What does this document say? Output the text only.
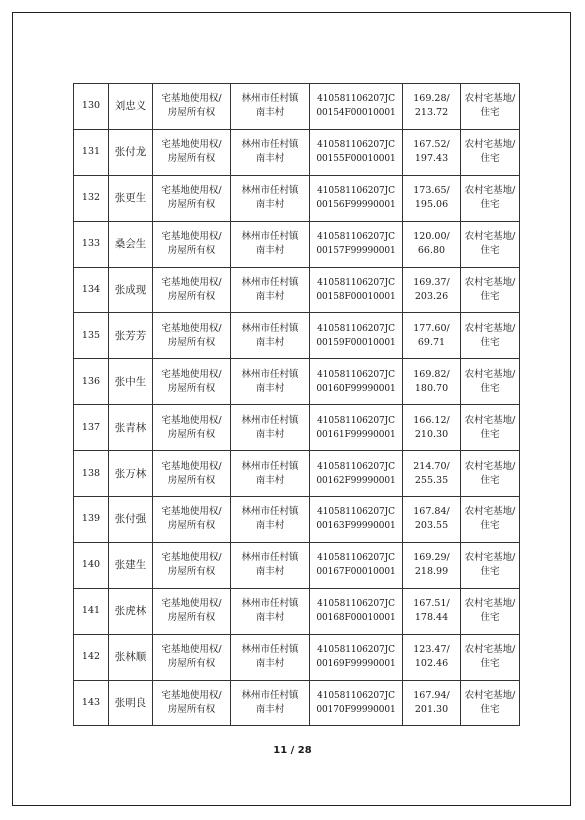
130	刘忠义	宅基地使用权/
房屋所有权	林州市任村镇
南丰村	410581106207JC
00154F00010001	169.28/
213.72	农村宅基地/
住宅

131	张付龙	宅基地使用权/
房屋所有权	林州市任村镇
南丰村	410581106207JC
00155F00010001	167.52/
197.43	农村宅基地/
住宅

132	张更生	宅基地使用权/
房屋所有权	林州市任村镇
南丰村	410581106207JC
00156F99990001	173.65/
195.06	农村宅基地/
住宅

133	桑会生	宅基地使用权/
房屋所有权	林州市任村镇
南丰村	410581106207JC
00157F99990001	120.00/
66.80	农村宅基地/
住宅

134	张成现	宅基地使用权/
房屋所有权	林州市任村镇
南丰村	410581106207JC
00158F00010001	169.37/
203.26	农村宅基地/
住宅

135	张芳芳	宅基地使用权/
房屋所有权	林州市任村镇
南丰村	410581106207JC
00159F00010001	177.60/
69.71	农村宅基地/
住宅

136	张中生	宅基地使用权/
房屋所有权	林州市任村镇
南丰村	410581106207JC
00160F99990001	169.82/
180.70	农村宅基地/
住宅

137	张青林	宅基地使用权/
房屋所有权	林州市任村镇
南丰村	410581106207JC
00161F99990001	166.12/
210.30	农村宅基地/
住宅

138	张万林	宅基地使用权/
房屋所有权	林州市任村镇
南丰村	410581106207JC
00162F99990001	214.70/
255.35	农村宅基地/
住宅

139	张付强	宅基地使用权/
房屋所有权	林州市任村镇
南丰村	410581106207JC
00163F99990001	167.84/
203.55	农村宅基地/
住宅

140	张建生	宅基地使用权/
房屋所有权	林州市任村镇
南丰村	410581106207JC
00167F00010001	169.29/
218.99	农村宅基地/
住宅

141	张虎林	宅基地使用权/
房屋所有权	林州市任村镇
南丰村	410581106207JC
00168F00010001	167.51/
178.44	农村宅基地/
住宅

142	张林顺	宅基地使用权/
房屋所有权	林州市任村镇
南丰村	410581106207JC
00169F99990001	123.47/
102.46	农村宅基地/
住宅

143	张明良	宅基地使用权/
房屋所有权	林州市任村镇
南丰村	410581106207JC
00170F99990001	167.94/
201.30	农村宅基地/
住宅
11 / 28
